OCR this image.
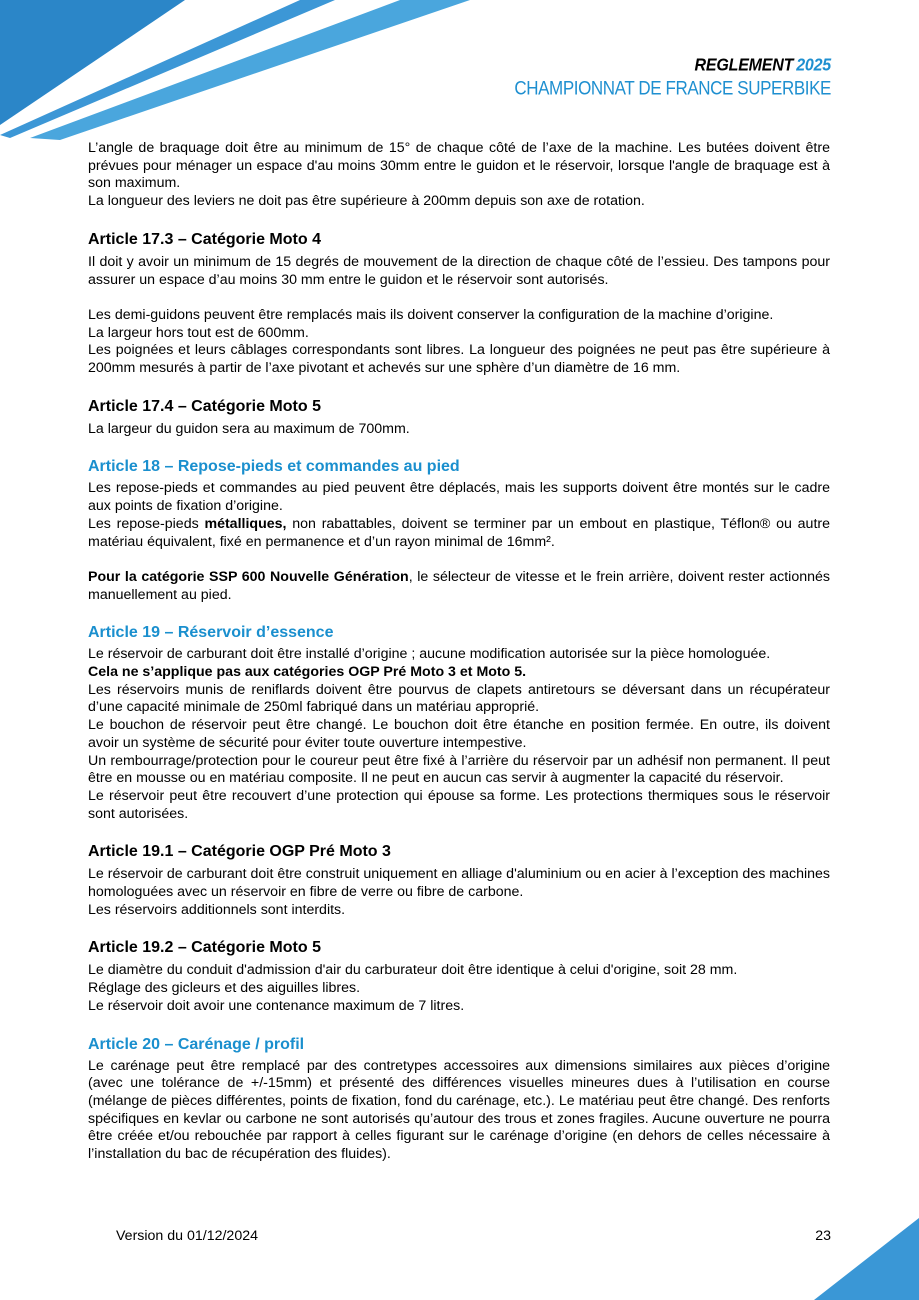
REGLEMENT 2025
CHAMPIONNAT DE FRANCE SUPERBIKE

L’angle de braquage doit être au minimum de 15° de chaque côté de l’axe de la machine. Les butées doivent être prévues pour ménager un espace d'au moins 30mm entre le guidon et le réservoir, lorsque l'angle de braquage est à son maximum.

La longueur des leviers ne doit pas être supérieure à 200mm depuis son axe de rotation.

Article 17.3 – Catégorie Moto 4

Il doit y avoir un minimum de 15 degrés de mouvement de la direction de chaque côté de l’essieu. Des tampons pour assurer un espace d’au moins 30 mm entre le guidon et le réservoir sont autorisés.

Les demi-guidons peuvent être remplacés mais ils doivent conserver la configuration de la machine d’origine.

La largeur hors tout est de 600mm.

Les poignées et leurs câblages correspondants sont libres. La longueur des poignées ne peut pas être supérieure à 200mm mesurés à partir de l’axe pivotant et achevés sur une sphère d’un diamètre de 16 mm.

Article 17.4 – Catégorie Moto 5

La largeur du guidon sera au maximum de 700mm.

Article 18 – Repose-pieds et commandes au pied

Les repose-pieds et commandes au pied peuvent être déplacés, mais les supports doivent être montés sur le cadre aux points de fixation d’origine.

Les repose-pieds métalliques, non rabattables, doivent se terminer par un embout en plastique, Téflon® ou autre matériau équivalent, fixé en permanence et d’un rayon minimal de 16mm².

Pour la catégorie SSP 600 Nouvelle Génération, le sélecteur de vitesse et le frein arrière, doivent rester actionnés manuellement au pied.

Article 19 – Réservoir d’essence

Le réservoir de carburant doit être installé d’origine ; aucune modification autorisée sur la pièce homologuée.

Cela ne s’applique pas aux catégories OGP Pré Moto 3 et Moto 5.

Les réservoirs munis de reniflards doivent être pourvus de clapets antiretours se déversant dans un récupérateur d’une capacité minimale de 250ml fabriqué dans un matériau approprié.

Le bouchon de réservoir peut être changé. Le bouchon doit être étanche en position fermée. En outre, ils doivent avoir un système de sécurité pour éviter toute ouverture intempestive.

Un rembourrage/protection pour le coureur peut être fixé à l’arrière du réservoir par un adhésif non permanent. Il peut être en mousse ou en matériau composite. Il ne peut en aucun cas servir à augmenter la capacité du réservoir.

Le réservoir peut être recouvert d’une protection qui épouse sa forme. Les protections thermiques sous le réservoir sont autorisées.

Article 19.1 – Catégorie OGP Pré Moto 3

Le réservoir de carburant doit être construit uniquement en alliage d'aluminium ou en acier à l’exception des machines homologuées avec un réservoir en fibre de verre ou fibre de carbone.

Les réservoirs additionnels sont interdits.

Article 19.2 – Catégorie Moto 5

Le diamètre du conduit d'admission d'air du carburateur doit être identique à celui d'origine, soit 28 mm.

Réglage des gicleurs et des aiguilles libres.

Le réservoir doit avoir une contenance maximum de 7 litres.

Article 20 – Carénage / profil

Le carénage peut être remplacé par des contretypes accessoires aux dimensions similaires aux pièces d’origine (avec une tolérance de +/-15mm) et présenté des différences visuelles mineures dues à l’utilisation en course (mélange de pièces différentes, points de fixation, fond du carénage, etc.). Le matériau peut être changé. Des renforts spécifiques en kevlar ou carbone ne sont autorisés qu’autour des trous et zones fragiles. Aucune ouverture ne pourra être créée et/ou rebouchée par rapport à celles figurant sur le carénage d’origine (en dehors de celles nécessaire à l’installation du bac de récupération des fluides).

Version du 01/12/2024	23
